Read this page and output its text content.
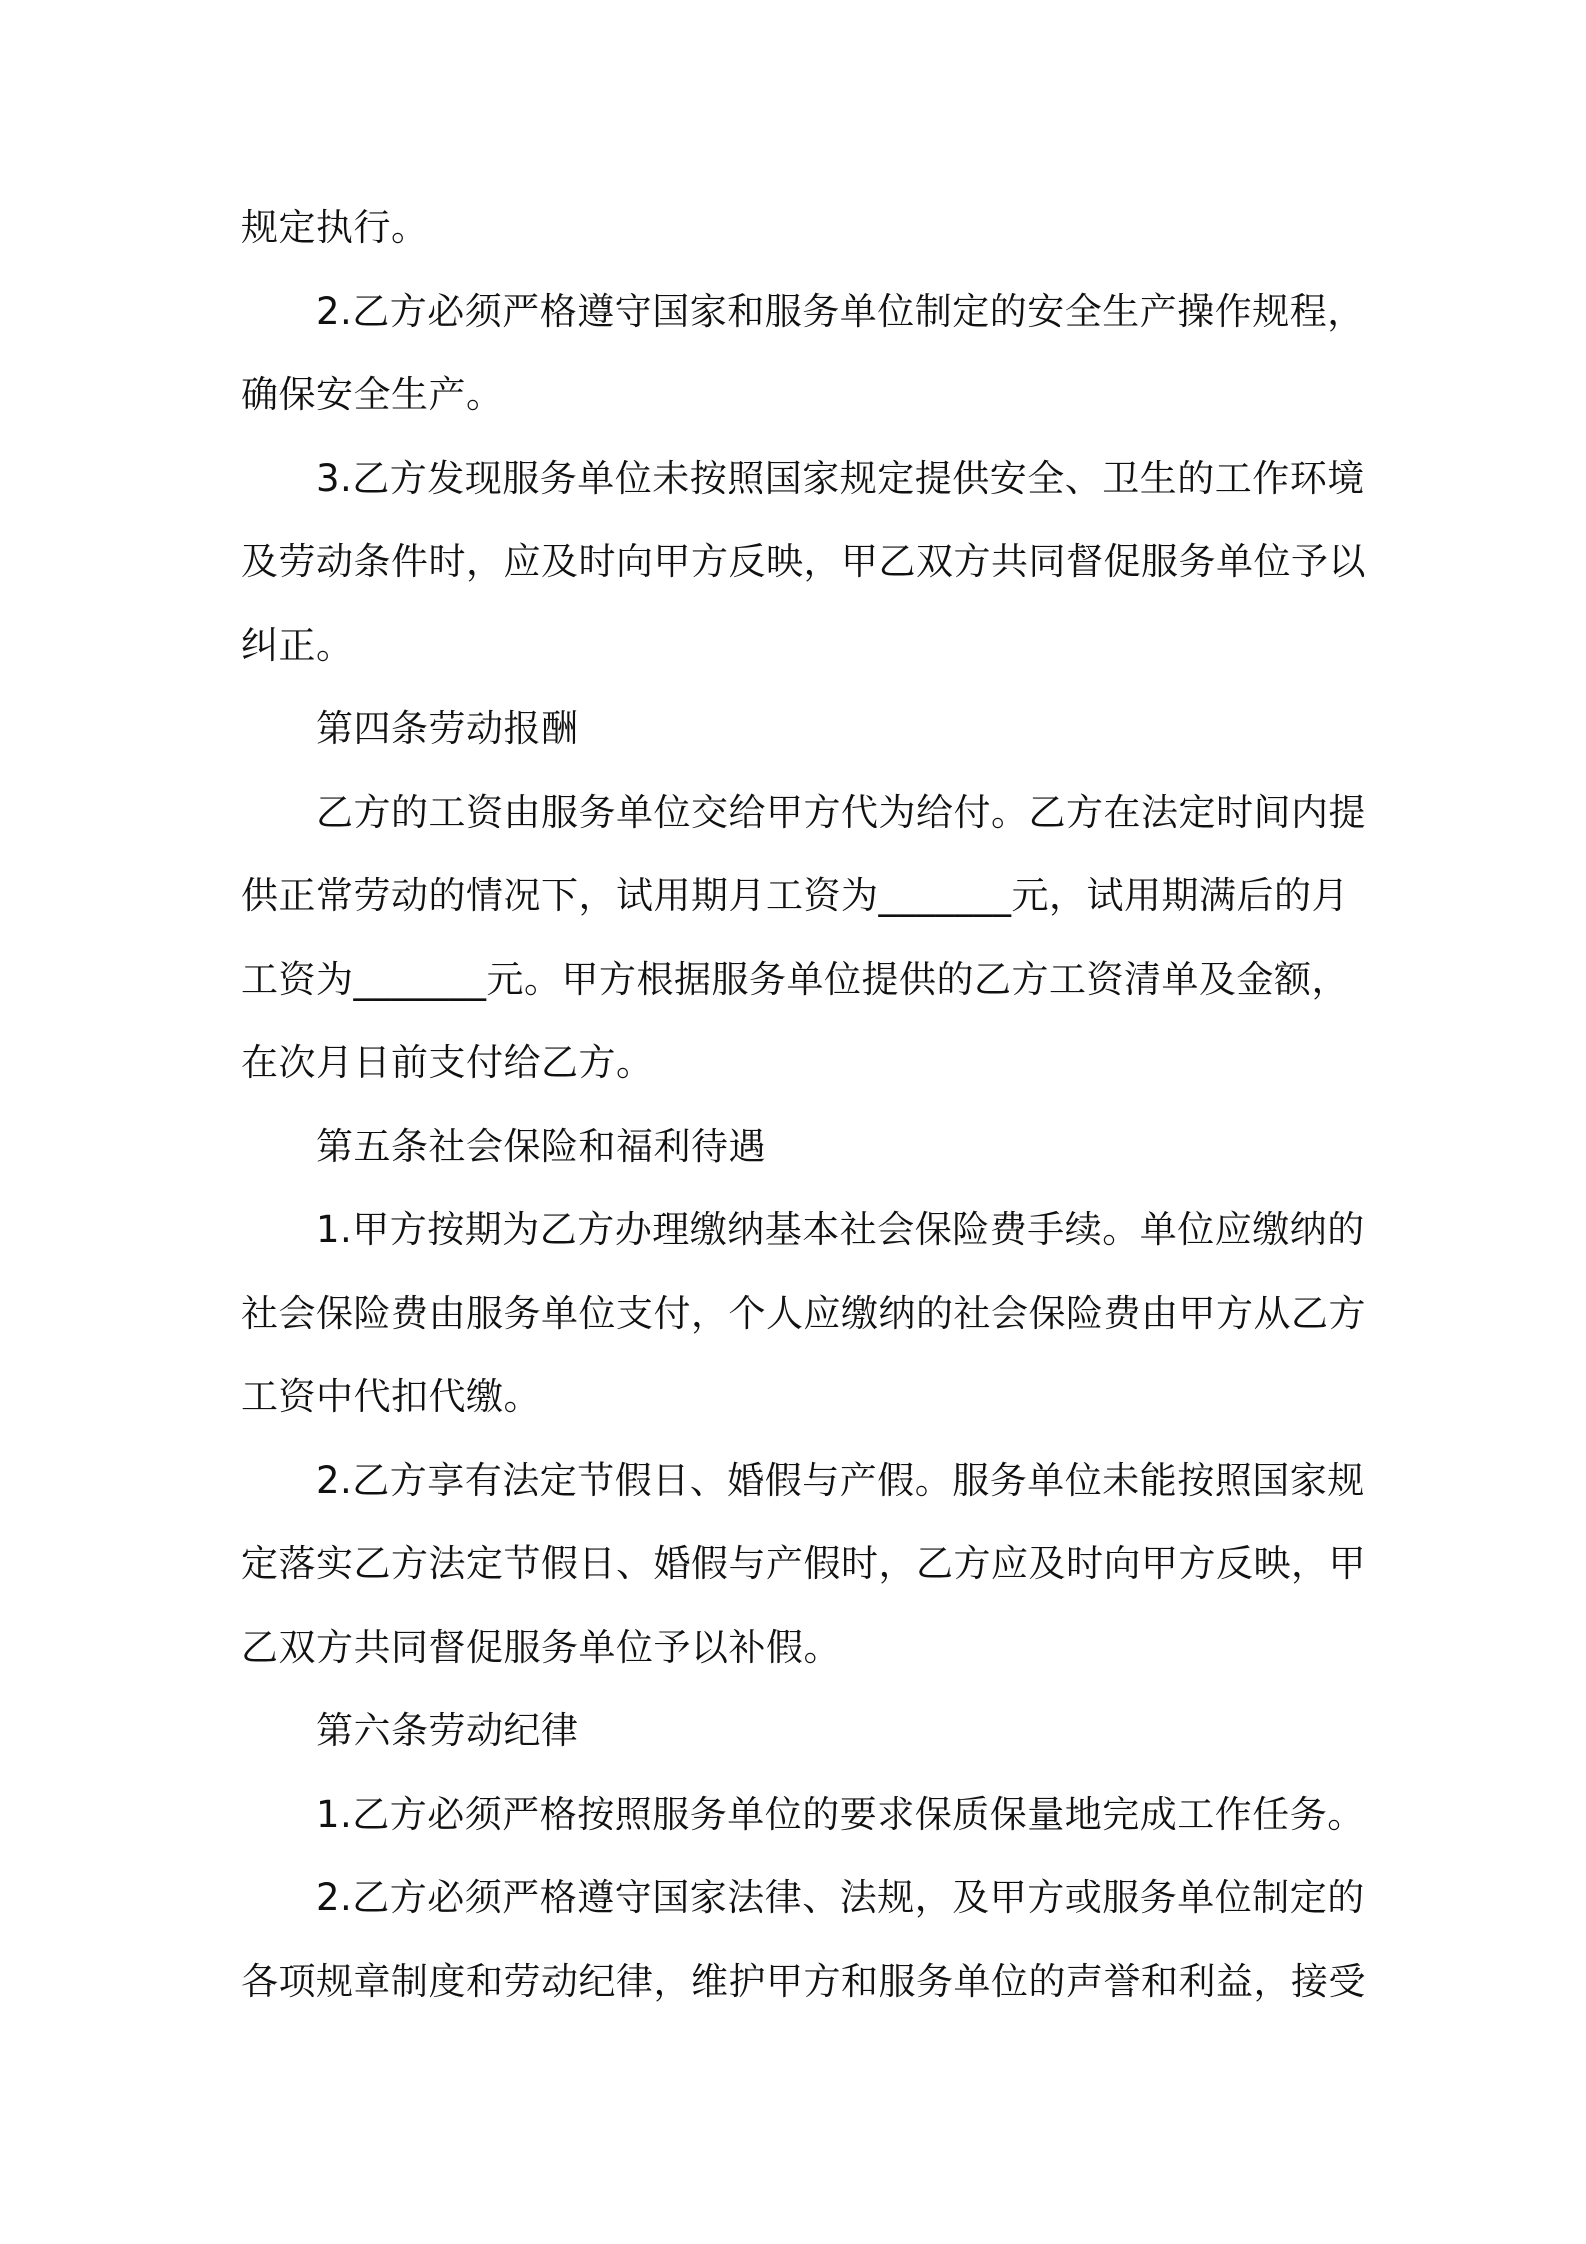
规定执行。
2.乙方必须严格遵守国家和服务单位制定的安全生产操作规程，
确保安全生产。
3.乙方发现服务单位未按照国家规定提供安全、卫生的工作环境
及劳动条件时，应及时向甲方反映，甲乙双方共同督促服务单位予以
纠正。
第四条劳动报酬
乙方的工资由服务单位交给甲方代为给付。乙方在法定时间内提
供正常劳动的情况下，试用期月工资为_______元，试用期满后的月
工资为_______元。甲方根据服务单位提供的乙方工资清单及金额，
在次月日前支付给乙方。
第五条社会保险和福利待遇
1.甲方按期为乙方办理缴纳基本社会保险费手续。单位应缴纳的
社会保险费由服务单位支付，个人应缴纳的社会保险费由甲方从乙方
工资中代扣代缴。
2.乙方享有法定节假日、婚假与产假。服务单位未能按照国家规
定落实乙方法定节假日、婚假与产假时，乙方应及时向甲方反映，甲
乙双方共同督促服务单位予以补假。
第六条劳动纪律
1.乙方必须严格按照服务单位的要求保质保量地完成工作任务。
2.乙方必须严格遵守国家法律、法规，及甲方或服务单位制定的
各项规章制度和劳动纪律，维护甲方和服务单位的声誉和利益，接受
